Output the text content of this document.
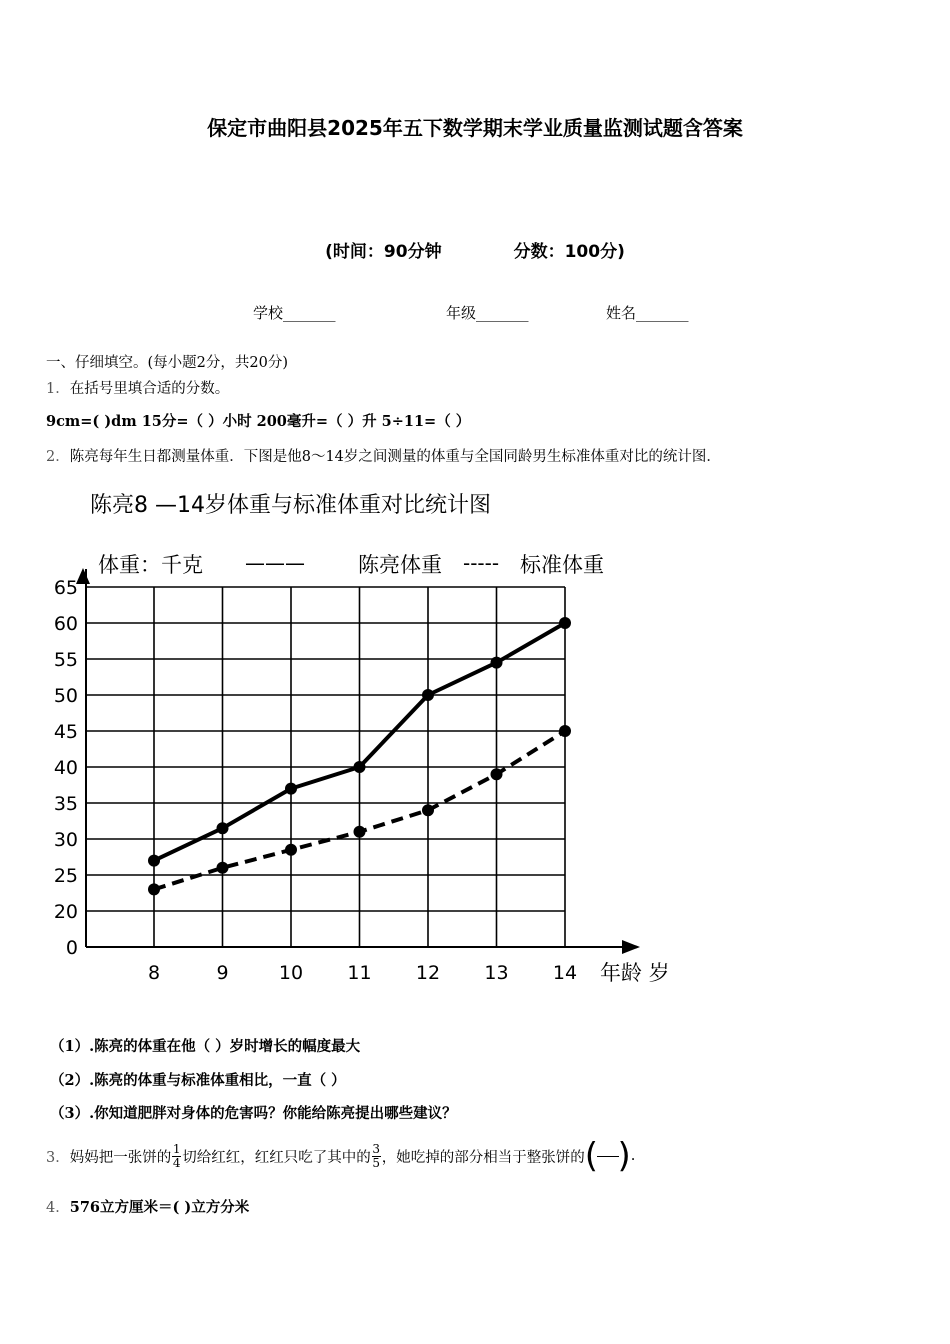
保定市曲阳县2025年五下数学期末学业质量监测试题含答案
(时间：90分钟	分数：100分)
学校_______	年级_______	姓名_______
一、仔细填空。(每小题2分，共20分)
1．在括号里填合适的分数。
9cm=( )dm 15分=（ ）小时 200毫升=（ ）升 5÷11=（ ）
2．陈亮每年生日都测量体重．下图是他8～14岁之间测量的体重与全国同龄男生标准体重对比的统计图．
陈亮8 —14岁体重与标准体重对比统计图
体重：千克 ———	陈亮体重 ----- 标准体重
0
20
25
30
35
40
45
50
55
60
65
8	9	10 11 12 13 14 年龄 岁
（1）.陈亮的体重在他（ ）岁时增长的幅度最大
（2）.陈亮的体重与标准体重相比，一直（ ）
（3）.你知道肥胖对身体的危害吗？你能给陈亮提出哪些建议？
3． 妈妈把一张饼的 $\frac{1}{4}$ 切给红红，红红只吃了其中的 $\frac{3}{5}$ ，她吃掉的部分相当于整张饼的 ( ) .
4．576立方厘米＝( )立方分米
